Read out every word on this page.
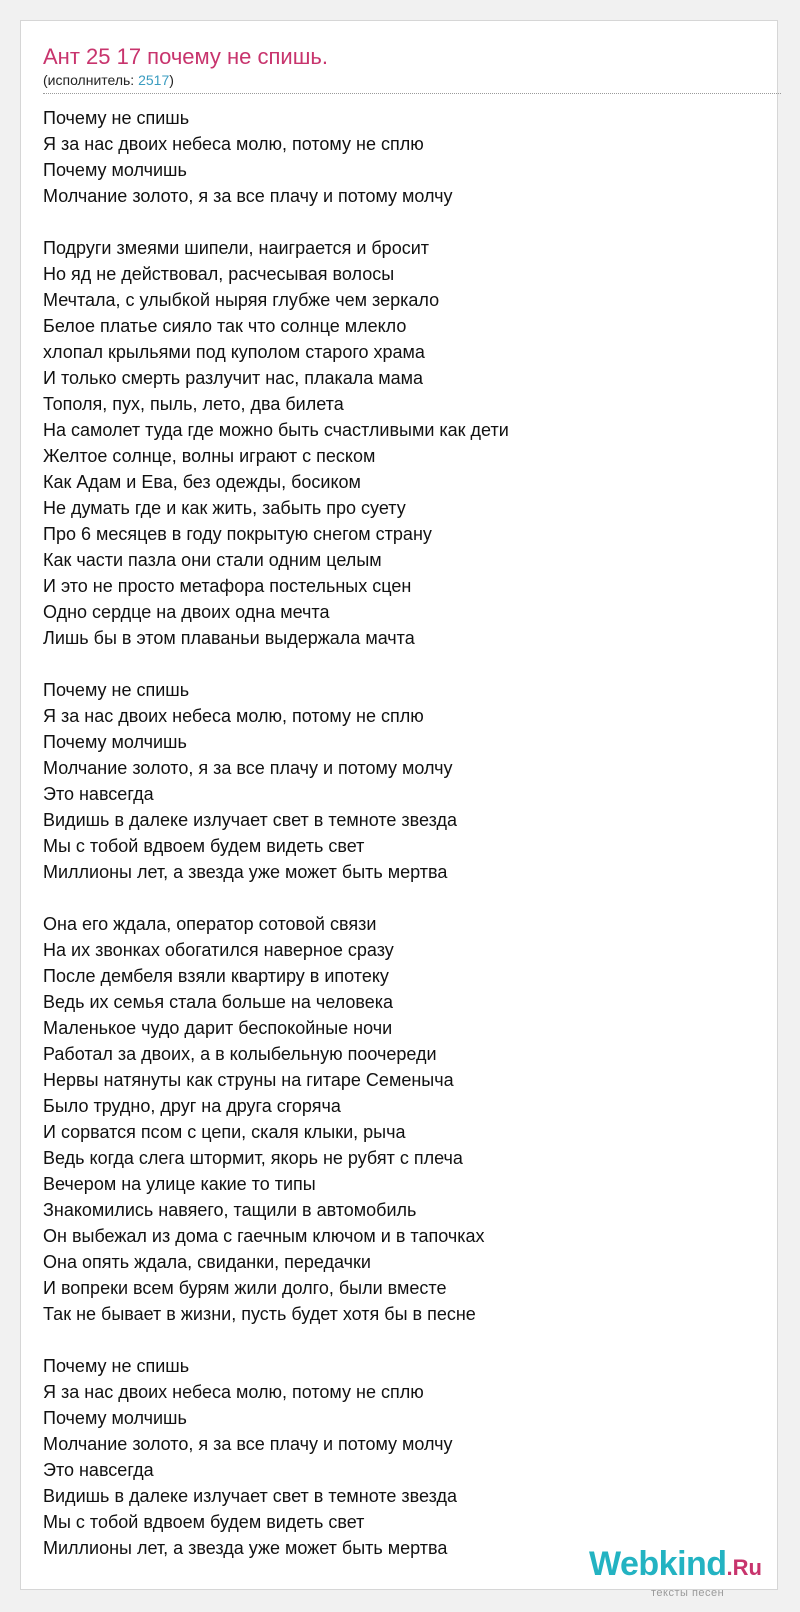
Ант 25 17 почему не спишь.
(исполнитель: 2517)
Почему не спишь
Я за нас двоих небеса молю, потому не сплю
Почему молчишь
Молчание золото, я за все плачу и потому молчу
Подруги змеями шипели, наиграется и бросит
Но яд не действовал, расчесывая волосы
Мечтала, с улыбкой ныряя глубже чем зеркало
Белое платье сияло так что солнце млекло
хлопал крыльями под куполом старого храма
И только смерть разлучит нас, плакала мама
Тополя, пух, пыль, лето, два билета
На самолет туда где можно быть счастливыми как дети
Желтое солнце, волны играют с песком
Как Адам и Ева, без одежды, босиком
Не думать где и как жить, забыть про суету
Про 6 месяцев в году покрытую снегом страну
Как части пазла они стали одним целым
И это не просто метафора постельных сцен
Одно сердце на двоих одна мечта
Лишь бы в этом плаваньи выдержала мачта
Почему не спишь
Я за нас двоих небеса молю, потому не сплю
Почему молчишь
Молчание золото, я за все плачу и потому молчу
Это навсегда
Видишь в далеке излучает свет в темноте звезда
Мы с тобой вдвоем будем видеть свет
Миллионы лет, а звезда уже может быть мертва
Она его ждала, оператор сотовой связи
На их звонках обогатился наверное сразу
После дембеля взяли квартиру в ипотеку
Ведь их семья стала больше на человека
Маленькое чудо дарит беспокойные ночи
Работал за двоих, а в колыбельную поочереди
Нервы натянуты как струны на гитаре Семеныча
Было трудно, друг на друга сгоряча
И сорватся псом с цепи, скаля клыки, рыча
Ведь когда слега штормит, якорь не рубят с плеча
Вечером на улице какие то типы
Знакомились навяего, тащили в автомобиль
Он выбежал из дома с гаечным ключом и в тапочках
Она опять ждала, свиданки, передачки
И вопреки всем бурям жили долго, были вместе
Так не бывает в жизни, пусть будет хотя бы в песне
Почему не спишь
Я за нас двоих небеса молю, потому не сплю
Почему молчишь
Молчание золото, я за все плачу и потому молчу
Это навсегда
Видишь в далеке излучает свет в темноте звезда
Мы с тобой вдвоем будем видеть свет
Миллионы лет, а звезда уже может быть мертва	Webkind.Ru
тексты песен
